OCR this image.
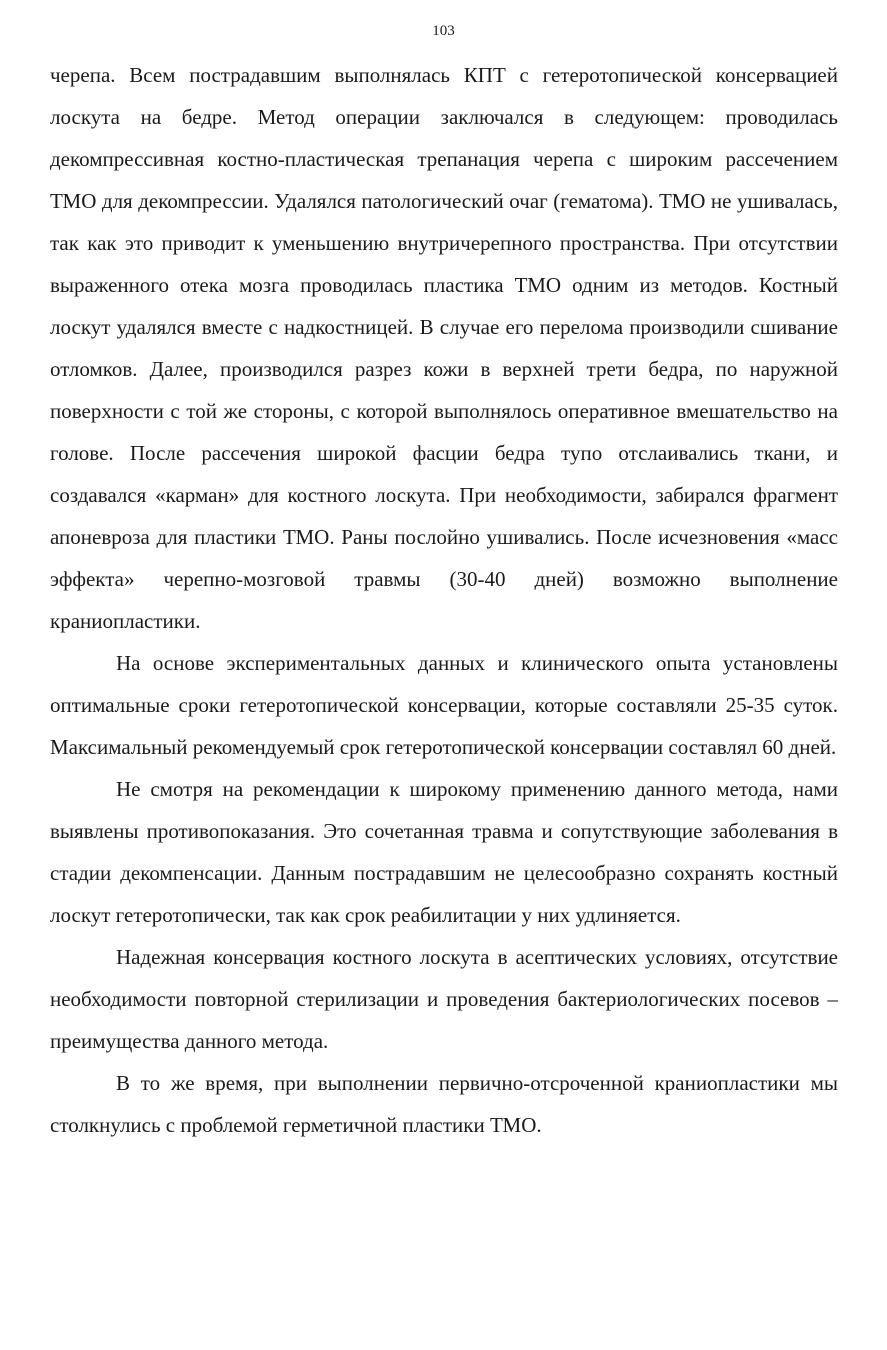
103

черепа. Всем пострадавшим выполнялась КПТ с гетеротопической консервацией лоскута на бедре. Метод операции заключался в следующем: проводилась декомпрессивная костно-пластическая трепанация черепа с широким рассечением ТМО для декомпрессии. Удалялся патологический очаг (гематома). ТМО не ушивалась, так как это приводит к уменьшению внутричерепного пространства. При отсутствии выраженного отека мозга проводилась пластика ТМО одним из методов. Костный лоскут удалялся вместе с надкостницей. В случае его перелома производили сшивание отломков. Далее, производился разрез кожи в верхней трети бедра, по наружной поверхности с той же стороны, с которой выполнялось оперативное вмешательство на голове. После рассечения широкой фасции бедра тупо отслаивались ткани, и создавался «карман» для костного лоскута. При необходимости, забирался фрагмент апоневроза для пластики ТМО. Раны послойно ушивались. После исчезновения «масс эффекта» черепно-мозговой травмы (30-40 дней) возможно выполнение краниопластики.

На основе экспериментальных данных и клинического опыта установлены оптимальные сроки гетеротопической консервации, которые составляли 25-35 суток. Максимальный рекомендуемый срок гетеротопической консервации составлял 60 дней.

Не смотря на рекомендации к широкому применению данного метода, нами выявлены противопоказания. Это сочетанная травма и сопутствующие заболевания в стадии декомпенсации. Данным пострадавшим не целесообразно сохранять костный лоскут гетеротопически, так как срок реабилитации у них удлиняется.

Надежная консервация костного лоскута в асептических условиях, отсутствие необходимости повторной стерилизации и проведения бактериологических посевов – преимущества данного метода.

В то же время, при выполнении первично-отсроченной краниопластики мы столкнулись с проблемой герметичной пластики ТМО.
